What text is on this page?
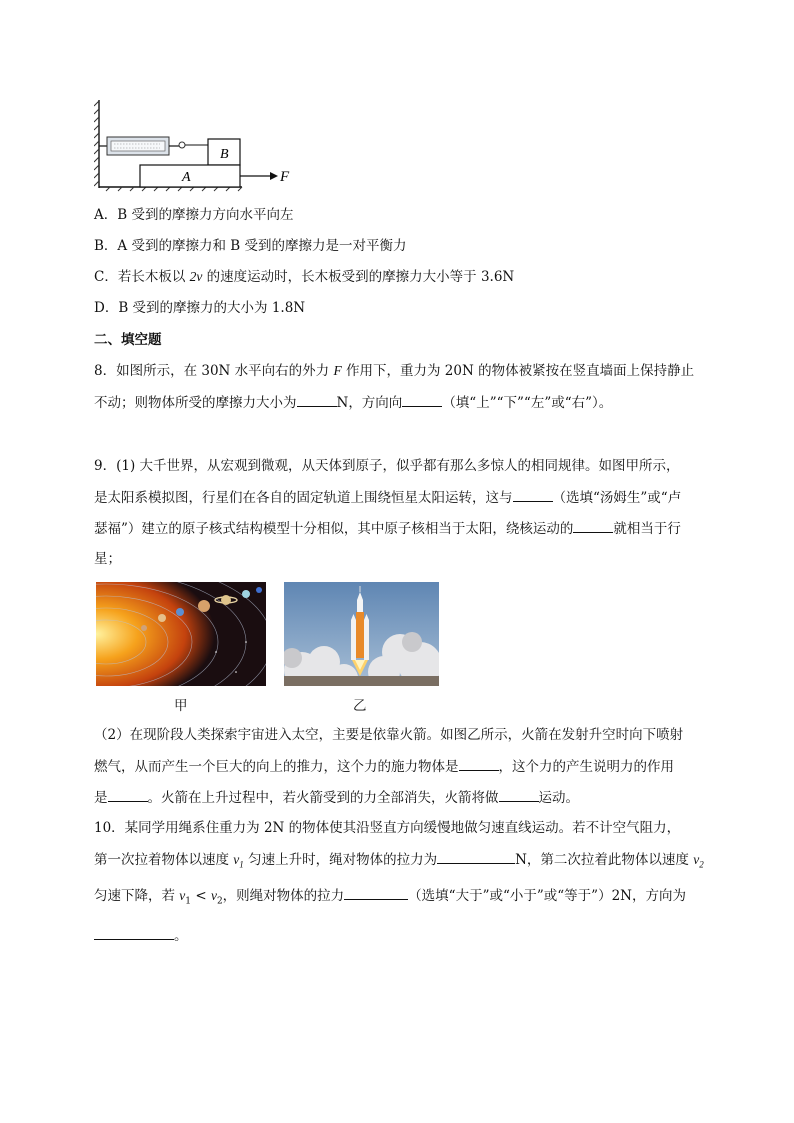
B
A	F
A．B 受到的摩擦力方向水平向左
B．A 受到的摩擦力和 B 受到的摩擦力是一对平衡力
C．若长木板以 2v 的速度运动时，长木板受到的摩擦力大小等于 3.6N
D．B 受到的摩擦力的大小为 1.8N
二、填空题
8．如图所示，在 30N 水平向右的外力 F 作用下，重力为 20N 的物体被紧按在竖直墙面上保持静止
不动；则物体所受的摩擦力大小为	N，方向向	（填“上”“下”“左”或“右”）。
9．(1) 大千世界，从宏观到微观，从天体到原子，似乎都有那么多惊人的相同规律。如图甲所示，
是太阳系模拟图，行星们在各自的固定轨道上围绕恒星太阳运转，这与	（选填“汤姆生”或“卢
瑟福”）建立的原子核式结构模型十分相似，其中原子核相当于太阳，绕核运动的	就相当于行
星；
甲	乙
（2）在现阶段人类探索宇宙进入太空，主要是依靠火箭。如图乙所示，火箭在发射升空时向下喷射
燃气，从而产生一个巨大的向上的推力，这个力的施力物体是	，这个力的产生说明力的作用
是	。火箭在上升过程中，若火箭受到的力全部消失，火箭将做	运动。
10．某同学用绳系住重力为 2N 的物体使其沿竖直方向缓慢地做匀速直线运动。若不计空气阻力，
第一次拉着物体以速度 $v_1$ 匀速上升时，绳对物体的拉力为	N，第二次拉着此物体以速度 $v_2$
匀速下降，若 $v_1 < v_2$，则绳对物体的拉力	（选填“大于”或“小于”或“等于”）2N，方向为
。
